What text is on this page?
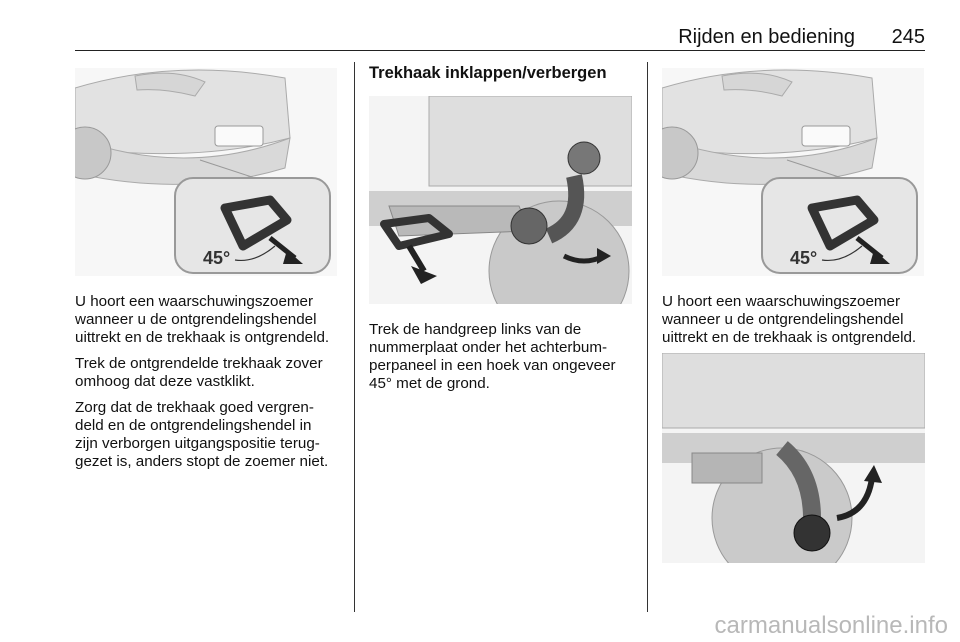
Rijden en bediening 245
45°

U hoort een waarschuwingszoemer
wanneer u de ontgrendelingshendel
uittrekt en de trekhaak is ontgrendeld.

Trek de ontgrendelde trekhaak zover
omhoog dat deze vastklikt.

Zorg dat de trekhaak goed vergren-
deld en de ontgrendelingshendel in
zijn verborgen uitgangspositie terug-
gezet is, anders stopt de zoemer niet.

Trekhaak inklappen/verbergen

Trek de handgreep links van de
nummerplaat onder het achterbum-
perpaneel in een hoek van ongeveer
45° met de grond.

45°

U hoort een waarschuwingszoemer
wanneer u de ontgrendelingshendel
uittrekt en de trekhaak is ontgrendeld.

carmanualsonline.info
